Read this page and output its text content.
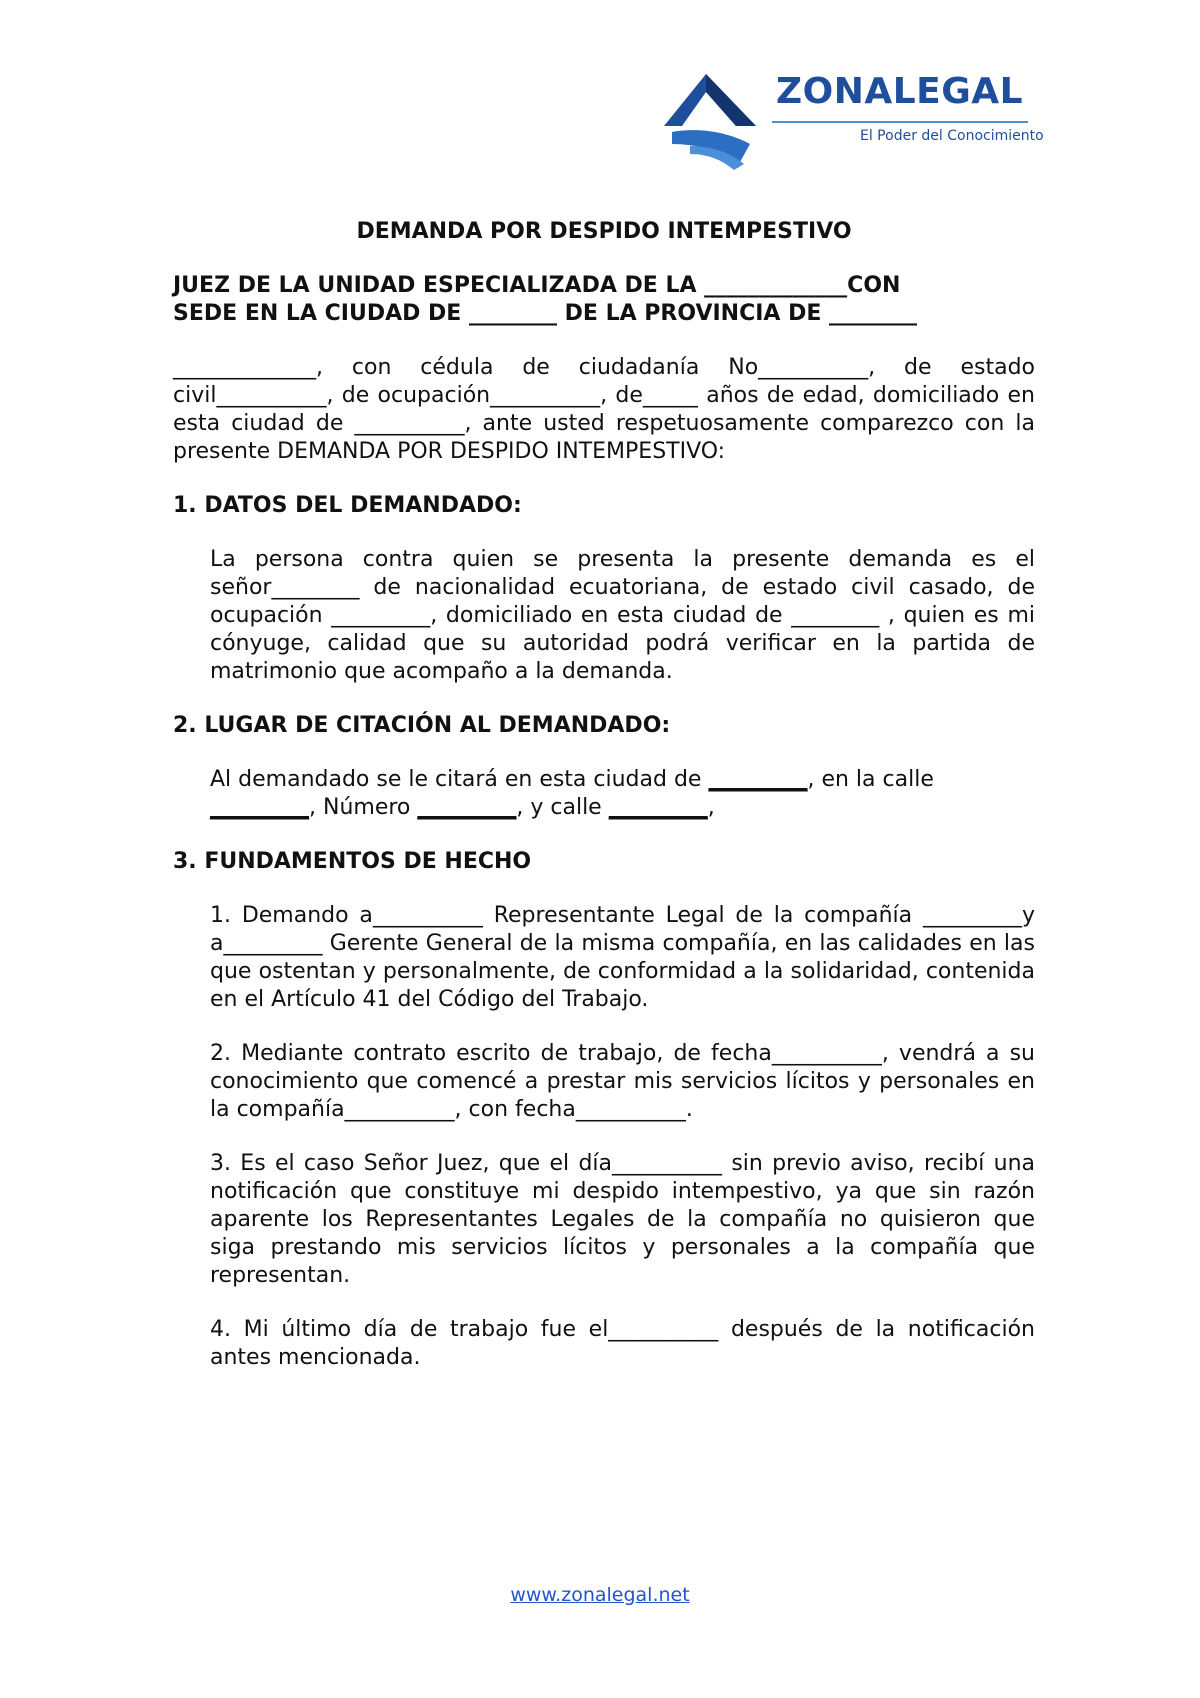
ZONALEGAL
El Poder del Conocimiento

DEMANDA POR DESPIDO INTEMPESTIVO

JUEZ DE LA UNIDAD ESPECIALIZADA DE LA _____________CON

SEDE EN LA CIUDAD DE ________ DE LA PROVINCIA DE ________

_____________, con cédula de ciudadanía No__________, de estado civil__________, de ocupación__________, de_____ años de edad, domiciliado en esta ciudad de __________, ante usted respetuosamente comparezco con la presente DEMANDA POR DESPIDO INTEMPESTIVO:

1. DATOS DEL DEMANDADO:

La persona contra quien se presenta la presente demanda es el señor________ de nacionalidad ecuatoriana, de estado civil casado, de ocupación _________, domiciliado en esta ciudad de ________ , quien es mi cónyuge, calidad que su autoridad podrá verificar en la partida de matrimonio que acompaño a la demanda.

2. LUGAR DE CITACIÓN AL DEMANDADO:

Al demandado se le citará en esta ciudad de _________, en la calle _________, Número _________, y calle _________,

3. FUNDAMENTOS DE HECHO

1. Demando a__________ Representante Legal de la compañía _________y a_________ Gerente General de la misma compañía, en las calidades en las que ostentan y personalmente, de conformidad a la solidaridad, contenida en el Artículo 41 del Código del Trabajo.

2. Mediante contrato escrito de trabajo, de fecha__________, vendrá a su conocimiento que comencé a prestar mis servicios lícitos y personales en la compañía__________, con fecha__________.

3. Es el caso Señor Juez, que el día__________ sin previo aviso, recibí una notificación que constituye mi despido intempestivo, ya que sin razón aparente los Representantes Legales de la compañía no quisieron que siga prestando mis servicios lícitos y personales a la compañía que representan.

4. Mi último día de trabajo fue el__________ después de la notificación antes mencionada.

www.zonalegal.net
